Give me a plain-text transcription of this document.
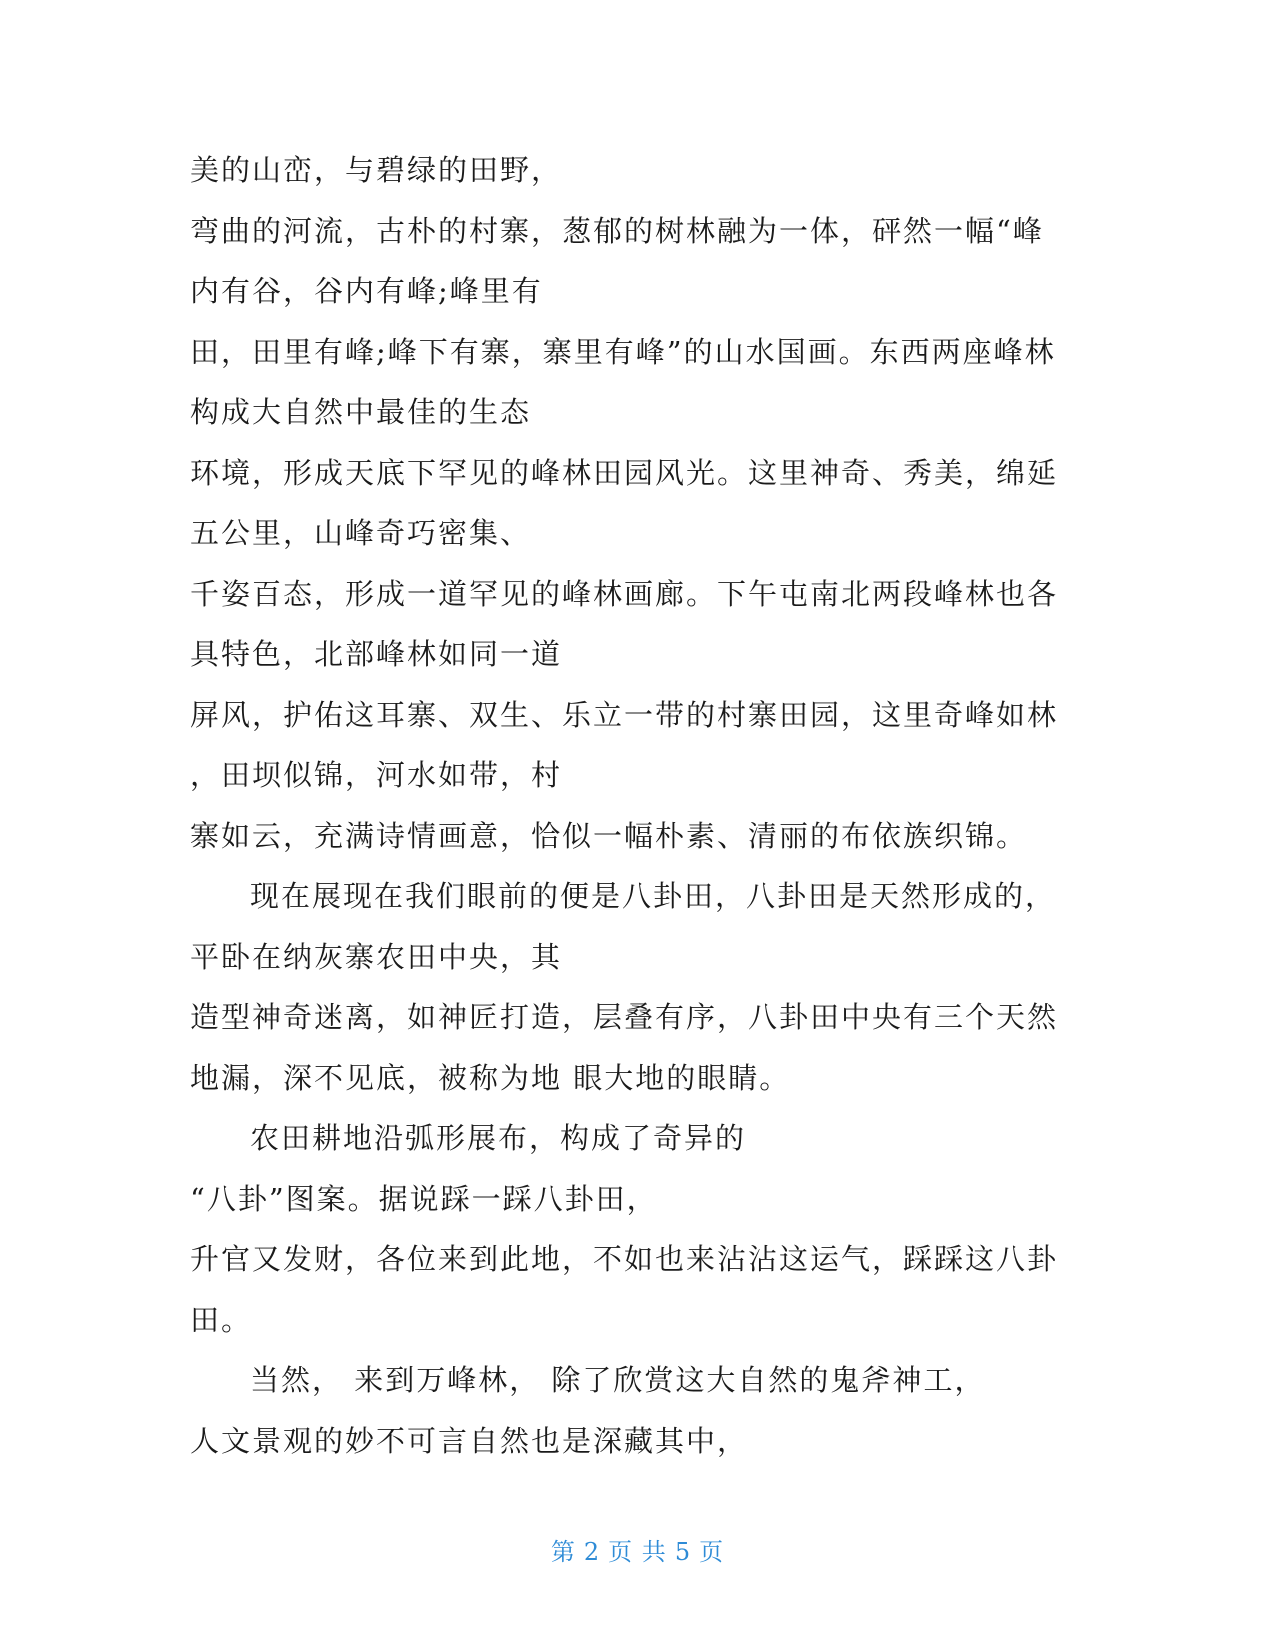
美的山峦，与碧绿的田野，
弯曲的河流，古朴的村寨，葱郁的树林融为一体，砰然一幅“峰
内有谷，谷内有峰;峰里有
田，田里有峰;峰下有寨，寨里有峰”的山水国画。东西两座峰林
构成大自然中最佳的生态
环境，形成天底下罕见的峰林田园风光。这里神奇、秀美，绵延
五公里，山峰奇巧密集、
千姿百态，形成一道罕见的峰林画廊。下午屯南北两段峰林也各
具特色，北部峰林如同一道
屏风，护佑这耳寨、双生、乐立一带的村寨田园，这里奇峰如林
，田坝似锦，河水如带，村
寨如云，充满诗情画意，恰似一幅朴素、清丽的布依族织锦。
现在展现在我们眼前的便是八卦田，八卦田是天然形成的，
平卧在纳灰寨农田中央，其
造型神奇迷离，如神匠打造，层叠有序，八卦田中央有三个天然
地漏，深不见底，被称为地 眼大地的眼睛。
农田耕地沿弧形展布，构成了奇异的
“八卦”图案。据说踩一踩八卦田，
升官又发财，各位来到此地，不如也来沾沾这运气，踩踩这八卦
田。
当然， 来到万峰林， 除了欣赏这大自然的鬼斧神工，
人文景观的妙不可言自然也是深藏其中，
第 2 页 共 5 页
